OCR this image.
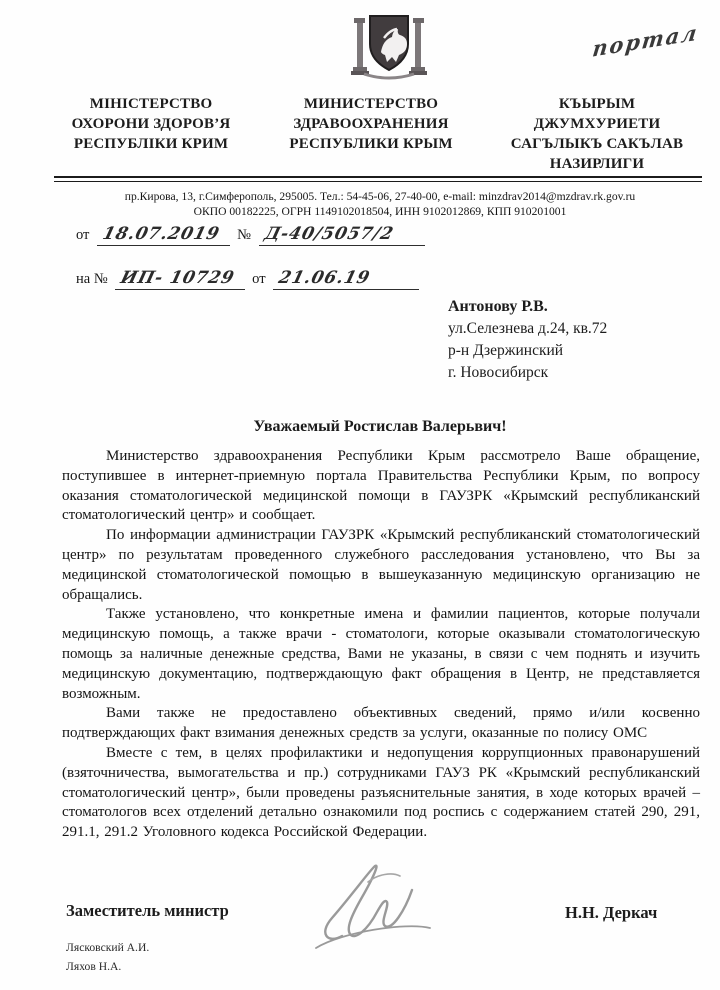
портал
МІНІСТЕРСТВО
ОХОРОНИ ЗДОРОВ’Я
РЕСПУБЛІКИ КРИМ
МИНИСТЕРСТВО
ЗДРАВООХРАНЕНИЯ
РЕСПУБЛИКИ КРЫМ
КЪЫРЫМ
ДЖУМХУРИЕТИ
САГЪЛЫКЪ САКЪЛАВ
НАЗИРЛИГИ
пр.Кирова, 13, г.Симферополь, 295005. Тел.: 54-45-06, 27-40-00, e-mail: minzdrav2014@mzdrav.rk.gov.ru
ОКПО 00182225, ОГРН 1149102018504, ИНН 9102012869, КПП 910201001
от 18.07.2019 № Д-40/5057/2
на № ИП- 10729 от 21.06.19
Антонову Р.В.
ул.Селезнева д.24, кв.72
р-н Дзержинский
г. Новосибирск
Уважаемый Ростислав Валерьвич!

Министерство здравоохранения Республики Крым рассмотрело Ваше обращение, поступившее в интернет-приемную портала Правительства Республики Крым, по вопросу оказания стоматологической медицинской помощи в ГАУЗРК «Крымский республиканский стоматологический центр» и сообщает.

По информации администрации ГАУЗРК «Крымский республиканский стоматологический центр» по результатам проведенного служебного расследования установлено, что Вы за медицинской стоматологической помощью в вышеуказанную медицинскую организацию не обращались.

Также установлено, что конкретные имена и фамилии пациентов, которые получали медицинскую помощь, а также врачи - стоматологи, которые оказывали стоматологическую помощь за наличные денежные средства, Вами не указаны, в связи с чем поднять и изучить медицинскую документацию, подтверждающую факт обращения в Центр, не представляется возможным.

Вами также не предоставлено объективных сведений, прямо и/или косвенно подтверждающих факт взимания денежных средств за услуги, оказанные по полису ОМС

Вместе с тем, в целях профилактики и недопущения коррупционных правонарушений (взяточничества, вымогательства и пр.) сотрудниками ГАУЗ РК «Крымский республиканский стоматологический центр», были проведены разъяснительные занятия, в ходе которых врачей – стоматологов всех отделений детально ознакомили под роспись с содержанием статей 290, 291, 291.1, 291.2 Уголовного кодекса Российской Федерации.

Заместитель министр	Н.Н. Деркач
Лясковский А.И.
Ляхов Н.А.
